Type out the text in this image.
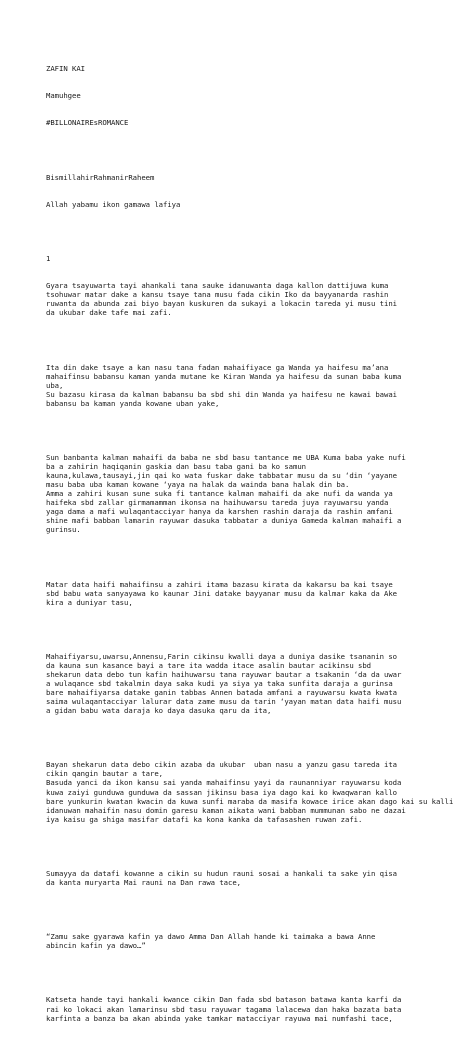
ZAFIN KAI

Mamuhgee

#BILLONAIREsROMANCE

BismillahirRahmanirRaheem

Allah yabamu ikon gamawa lafiya

1

Gyara tsayuwarta tayi ahankali tana sauke idanuwanta daga kallon dattijuwa kuma
tsohuwar matar dake a kansu tsaye tana musu fada cikin Iko da bayyanarda rashin
ruwanta da abunda zai biyo bayan kuskuren da sukayi a lokacin tareda yi musu tini
da ukubar dake tafe mai zafi.

Ita din dake tsaye a kan nasu tana fadan mahaifiyace ga Wanda ya haifesu ma’ana
mahaifinsu babansu kaman yanda mutane ke Kiran Wanda ya haifesu da sunan baba kuma
uba,
Su bazasu kirasa da kalman babansu ba sbd shi din Wanda ya haifesu ne kawai bawai
babansu ba kaman yanda kowane uban yake,

Sun banbanta kalman mahaifi da baba ne sbd basu tantance me UBA Kuma baba yake nufi
ba a zahirin haqiqanin gaskia dan basu taba gani ba ko samun
kauna,kulawa,tausayi,jin qai ko wata fuskar dake tabbatar musu da su ‘din ‘yayane
masu baba uba kaman kowane ‘yaya na halak da wainda bana halak din ba.
Amma a zahiri kusan sune suka fi tantance kalman mahaifi da ake nufi da wanda ya
haifeka sbd zallar girmamamman ikonsa na haihuwarsu tareda juya rayuwarsu yanda
yaga dama a mafi wulaqantacciyar hanya da karshen rashin daraja da rashin amfani
shine mafi babban lamarin rayuwar dasuka tabbatar a duniya Gameda kalman mahaifi a
gurinsu.

Matar data haifi mahaifinsu a zahiri itama bazasu kirata da kakarsu ba kai tsaye
sbd babu wata sanyayawa ko kaunar Jini datake bayyanar musu da kalmar kaka da Ake
kira a duniyar tasu,

Mahaifiyarsu,uwarsu,Annensu,Farin cikinsu kwalli daya a duniya dasike tsananin so
da kauna sun kasance bayi a tare ita wadda itace asalin bautar acikinsu sbd
shekarun data debo tun kafin haihuwarsu tana rayuwar bautar a tsakanin ‘da da uwar
a wulaqance sbd takalmin daya saka kudi ya siya ya taka sunfita daraja a gurinsa
bare mahaifiyarsa datake ganin tabbas Annen batada amfani a rayuwarsu kwata kwata
saima wulaqantacciyar lalurar data zame musu da tarin ‘yayan matan data haifi musu
a gidan babu wata daraja ko daya dasuka qaru da ita,

Bayan shekarun data debo cikin azaba da ukubar  uban nasu a yanzu gasu tareda ita
cikin qangin bautar a tare,
Basuda yanci da ikon kansu sai yanda mahaifinsu yayi da raunanniyar rayuwarsu koda
kuwa zaiyi gunduwa gunduwa da sassan jikinsu basa iya dago kai ko kwaqwaran kallo
bare yunkurin kwatan kwacin da kuwa sunfi maraba da masifa kowace irice akan dago kai su kalli
idanuwan mahaifin nasu domin garesu kaman aikata wani babban mummunan sabo ne dazai
iya kaisu ga shiga masifar datafi ka kona kanka da tafasashen ruwan zafi.

Sumayya da datafi kowanne a cikin su hudun rauni sosai a hankali ta sake yin qisa
da kanta muryarta Mai rauni na Dan rawa tace,

“Zamu sake gyarawa kafin ya dawo Amma Dan Allah hande ki taimaka a bawa Anne
abincin kafin ya dawo…”

Katseta hande tayi hankali kwance cikin Dan fada sbd batason batawa kanta karfi da
rai ko lokaci akan lamarinsu sbd tasu rayuwar tagama lalacewa dan haka bazata bata
karfinta a banza ba akan abinda yake tamkar matacciyar rayuwa mai numfashi tace,
